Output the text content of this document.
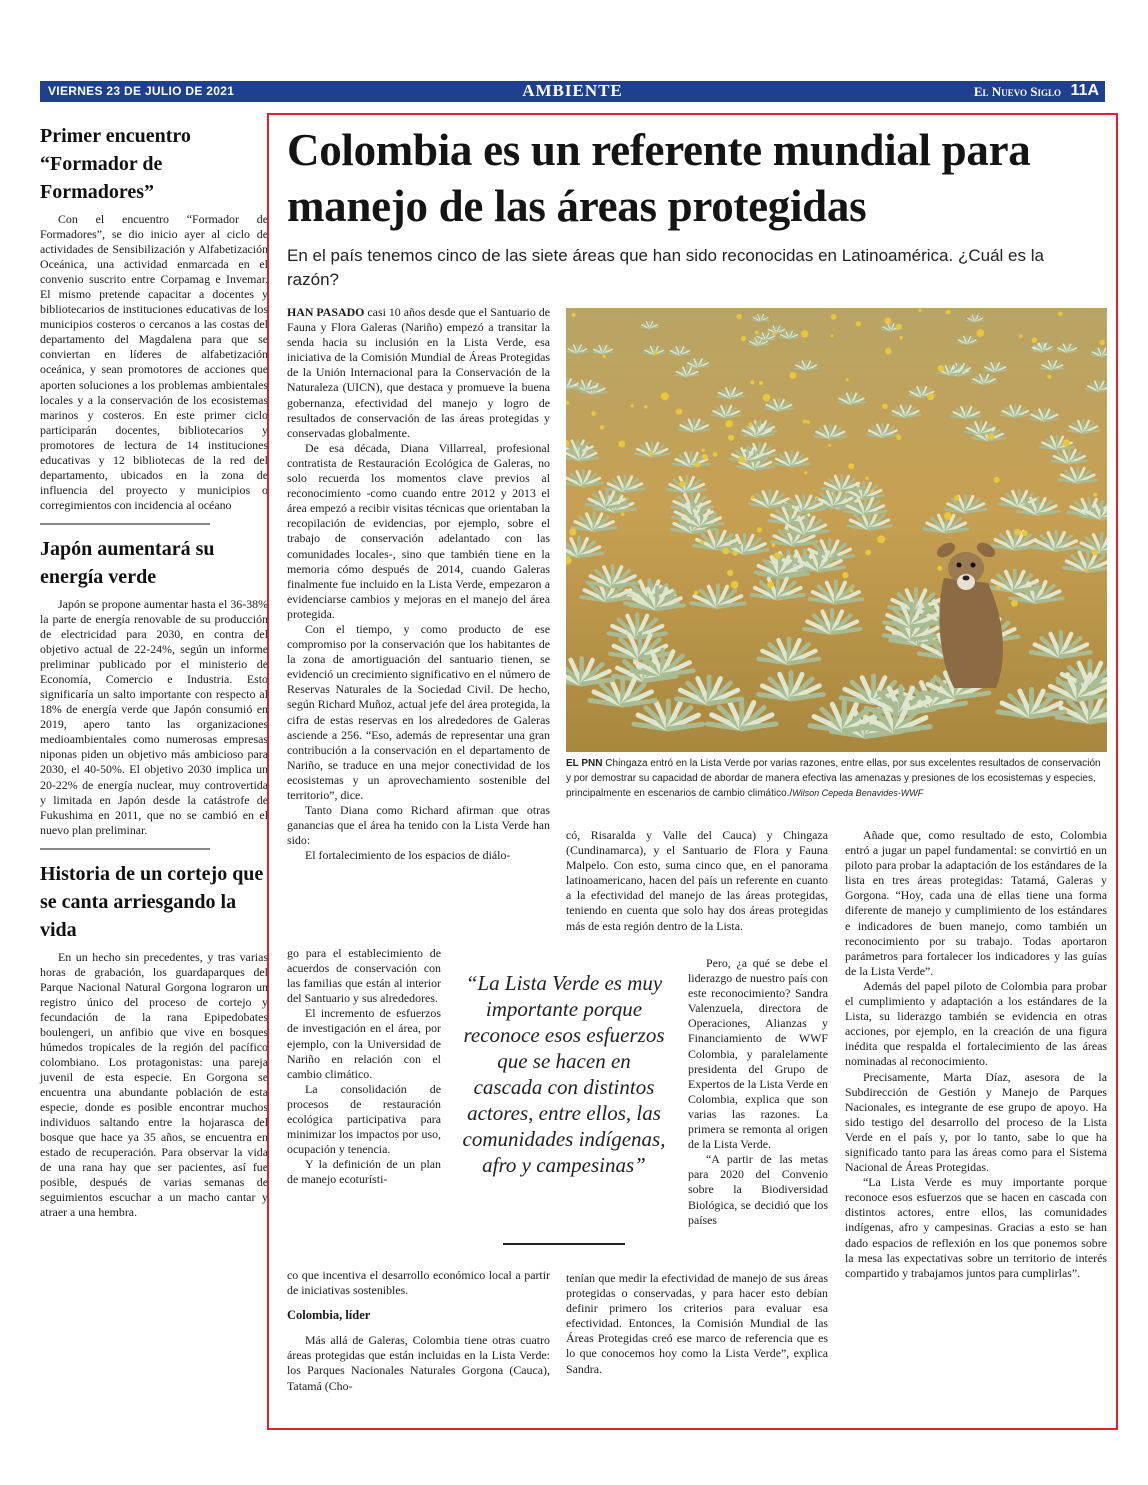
VIERNES 23 DE JULIO DE 2021	AMBIENTE	El Nuevo Siglo 11A
Primer encuentro “Formador de Formadores”

Con el encuentro “Formador de Formadores”, se dio inicio ayer al ciclo de actividades de Sensibilización y Alfabetización Oceánica, una actividad enmarcada en el convenio suscrito entre Corpamag e Invemar. El mismo pretende capacitar a docentes y bibliotecarios de instituciones educativas de los municipios costeros o cercanos a las costas del departamento del Magdalena para que se conviertan en líderes de alfabetización oceánica, y sean promotores de acciones que aporten soluciones a los problemas ambientales locales y a la conservación de los ecosistemas marinos y costeros. En este primer ciclo participarán docentes, bibliotecarios y promotores de lectura de 14 instituciones educativas y 12 bibliotecas de la red del departamento, ubicados en la zona de influencia del proyecto y municipios o corregimientos con incidencia al océano

Japón aumentará su energía verde

Japón se propone aumentar hasta el 36-38% la parte de energía renovable de su producción de electricidad para 2030, en contra del objetivo actual de 22-24%, según un informe preliminar publicado por el ministerio de Economía, Comercio e Industria. Esto significaría un salto importante con respecto al 18% de energía verde que Japón consumió en 2019, apero tanto las organizaciones medioambientales como numerosas empresas niponas piden un objetivo más ambicioso para 2030, el 40-50%. El objetivo 2030 implica un 20-22% de energía nuclear, muy controvertida y limitada en Japón desde la catástrofe de Fukushima en 2011, que no se cambió en el nuevo plan preliminar.

Historia de un cortejo que se canta arriesgando la vida

En un hecho sin precedentes, y tras varias horas de grabación, los guardaparques del Parque Nacional Natural Gorgona lograron un registro único del proceso de cortejo y fecundación de la rana Epipedobates boulengeri, un anfibio que vive en bosques húmedos tropicales de la región del pacífico colombiano. Los protagonistas: una pareja juvenil de esta especie. En Gorgona se encuentra una abundante población de esta especie, donde es posible encontrar muchos individuos saltando entre la hojarasca del bosque que hace ya 35 años, se encuentra en estado de recuperación. Para observar la vida de una rana hay que ser pacientes, así fue posible, después de varias semanas de seguimientos escuchar a un macho cantar y atraer a una hembra.

Colombia es un referente mundial para manejo de las áreas protegidas

En el país tenemos cinco de las siete áreas que han sido reconocidas en Latinoamérica. ¿Cuál es la razón?

HAN PASADO casi 10 años desde que el Santuario de Fauna y Flora Galeras (Nariño) empezó a transitar la senda hacia su inclusión en la Lista Verde, esa iniciativa de la Comisión Mundial de Áreas Protegidas de la Unión Internacional para la Conservación de la Naturaleza (UICN), que destaca y promueve la buena gobernanza, efectividad del manejo y logro de resultados de conservación de las áreas protegidas y conservadas globalmente.

De esa década, Diana Villarreal, profesional contratista de Restauración Ecológica de Galeras, no solo recuerda los momentos clave previos al reconocimiento -como cuando entre 2012 y 2013 el área empezó a recibir visitas técnicas que orientaban la recopilación de evidencias, por ejemplo, sobre el trabajo de conservación adelantado con las comunidades locales-, sino que también tiene en la memoria cómo después de 2014, cuando Galeras finalmente fue incluido en la Lista Verde, empezaron a evidenciarse cambios y mejoras en el manejo del área protegida.

Con el tiempo, y como producto de ese compromiso por la conservación que los habitantes de la zona de amortiguación del santuario tienen, se evidenció un crecimiento significativo en el número de Reservas Naturales de la Sociedad Civil. De hecho, según Richard Muñoz, actual jefe del área protegida, la cifra de estas reservas en los alrededores de Galeras asciende a 256. “Eso, además de representar una gran contribución a la conservación en el departamento de Nariño, se traduce en una mejor conectividad de los ecosistemas y un aprovechamiento sostenible del territorio”, dice.

Tanto Diana como Richard afirman que otras ganancias que el área ha tenido con la Lista Verde han sido:

El fortalecimiento de los espacios de diálo-

go para el establecimiento de acuerdos de conservación con las familias que están al interior del Santuario y sus alrededores.

El incremento de esfuerzos de investigación en el área, por ejemplo, con la Universidad de Nariño en relación con el cambio climático.

La consolidación de procesos de restauración ecológica participativa para minimizar los impactos por uso, ocupación y tenencia.

Y la definición de un plan de manejo ecoturísti-

co que incentiva el desarrollo económico local a partir de iniciativas sostenibles.

Colombia, líder

Más allá de Galeras, Colombia tiene otras cuatro áreas protegidas que están incluidas en la Lista Verde: los Parques Nacionales Naturales Gorgona (Cauca), Tatamá (Cho-

“La Lista Verde es muy importante porque reconoce esos esfuerzos que se hacen en cascada con distintos actores, entre ellos, las comunidades indígenas, afro y campesinas”

có, Risaralda y Valle del Cauca) y Chingaza (Cundinamarca), y el Santuario de Flora y Fauna Malpelo. Con esto, suma cinco que, en el panorama latinoamericano, hacen del país un referente en cuanto a la efectividad del manejo de las áreas protegidas, teniendo en cuenta que solo hay dos áreas protegidas más de esta región dentro de la Lista.

Pero, ¿a qué se debe el liderazgo de nuestro país con este reconocimiento? Sandra Valenzuela, directora de Operaciones, Alianzas y Financiamiento de WWF Colombia, y paralelamente presidenta del Grupo de Expertos de la Lista Verde en Colombia, explica que son varias las razones. La primera se remonta al origen de la Lista Verde.

“A partir de las metas para 2020 del Convenio sobre la Biodiversidad Biológica, se decidió que los países

tenían que medir la efectividad de manejo de sus áreas protegidas o conservadas, y para hacer esto debían definir primero los criterios para evaluar esa efectividad. Entonces, la Comisión Mundial de las Áreas Protegidas creó ese marco de referencia que es lo que conocemos hoy como la Lista Verde”, explica Sandra.

Añade que, como resultado de esto, Colombia entró a jugar un papel fundamental: se convirtió en un piloto para probar la adaptación de los estándares de la lista en tres áreas protegidas: Tatamá, Galeras y Gorgona. “Hoy, cada una de ellas tiene una forma diferente de manejo y cumplimiento de los estándares e indicadores de buen manejo, como también un reconocimiento por su trabajo. Todas aportaron parámetros para fortalecer los indicadores y las guías de la Lista Verde”.

Además del papel piloto de Colombia para probar el cumplimiento y adaptación a los estándares de la Lista, su liderazgo también se evidencia en otras acciones, por ejemplo, en la creación de una figura inédita que respalda el fortalecimiento de las áreas nominadas al reconocimiento.

Precisamente, Marta Díaz, asesora de la Subdirección de Gestión y Manejo de Parques Nacionales, es integrante de ese grupo de apoyo. Ha sido testigo del desarrollo del proceso de la Lista Verde en el país y, por lo tanto, sabe lo que ha significado tanto para las áreas como para el Sistema Nacional de Áreas Protegidas.

“La Lista Verde es muy importante porque reconoce esos esfuerzos que se hacen en cascada con distintos actores, entre ellos, las comunidades indígenas, afro y campesinas. Gracias a esto se han dado espacios de reflexión en los que ponemos sobre la mesa las expectativas sobre un territorio de interés compartido y trabajamos juntos para cumplirlas”.

EL PNN Chingaza entró en la Lista Verde por varias razones, entre ellas, por sus excelentes resultados de conservación y por demostrar su capacidad de abordar de manera efectiva las amenazas y presiones de los ecosistemas y especies, principalmente en escenarios de cambio climático./Wilson Cepeda Benavides-WWF
